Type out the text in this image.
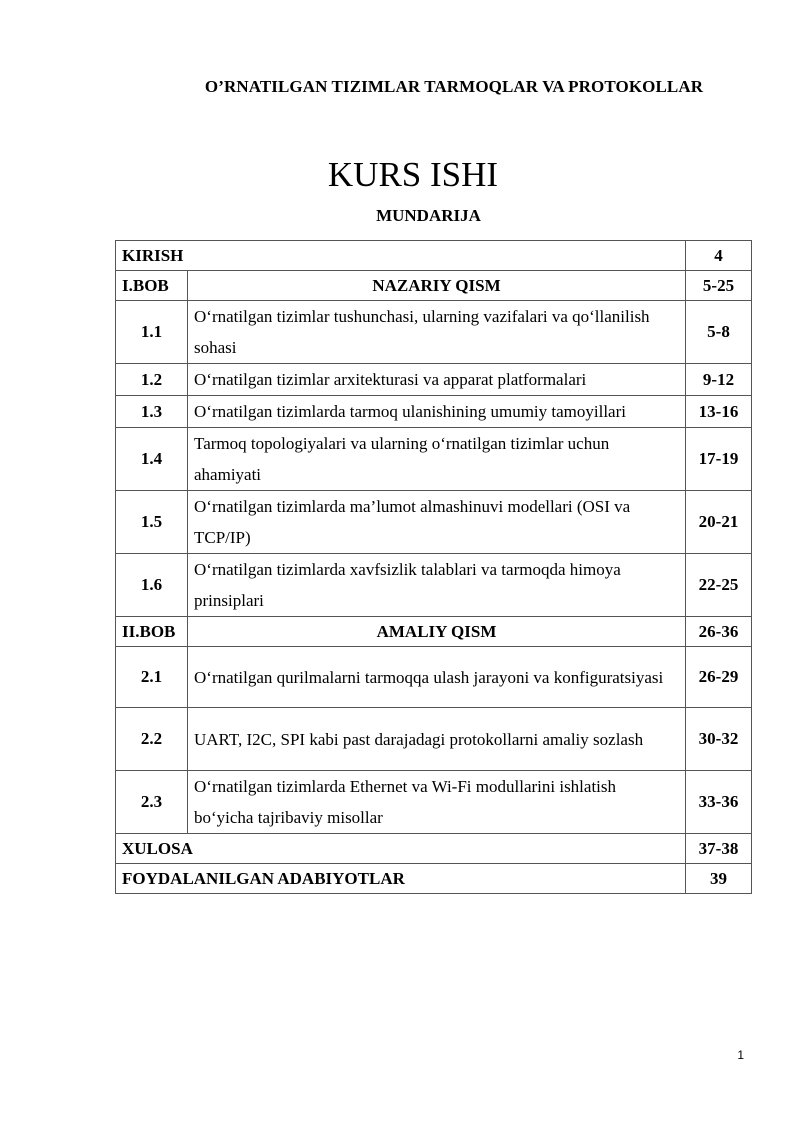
O’RNATILGAN TIZIMLAR TARMOQLAR VA PROTOKOLLAR
KURS ISHI
MUNDARIJA
KIRISH		4
I.BOB	NAZARIY QISM	5-25
1.1	O‘rnatilgan tizimlar tushunchasi, ularning vazifalari va qo‘llanilish sohasi	5-8
1.2	O‘rnatilgan tizimlar arxitekturasi va apparat platformalari	9-12
1.3	O‘rnatilgan tizimlarda tarmoq ulanishining umumiy tamoyillari	13-16
1.4	Tarmoq topologiyalari va ularning o‘rnatilgan tizimlar uchun ahamiyati	17-19
1.5	O‘rnatilgan tizimlarda ma’lumot almashinuvi modellari (OSI va TCP/IP)	20-21
1.6	O‘rnatilgan tizimlarda xavfsizlik talablari va tarmoqda himoya prinsiplari	22-25
II.BOB	AMALIY QISM	26-36
2.1	O‘rnatilgan qurilmalarni tarmoqqa ulash jarayoni va konfiguratsiyasi	26-29
2.2	UART, I2C, SPI kabi past darajadagi protokollarni amaliy sozlash	30-32
2.3	O‘rnatilgan tizimlarda Ethernet va Wi-Fi modullarini ishlatish bo‘yicha tajribaviy misollar	33-36
XULOSA		37-38
FOYDALANILGAN ADABIYOTLAR		39
1
